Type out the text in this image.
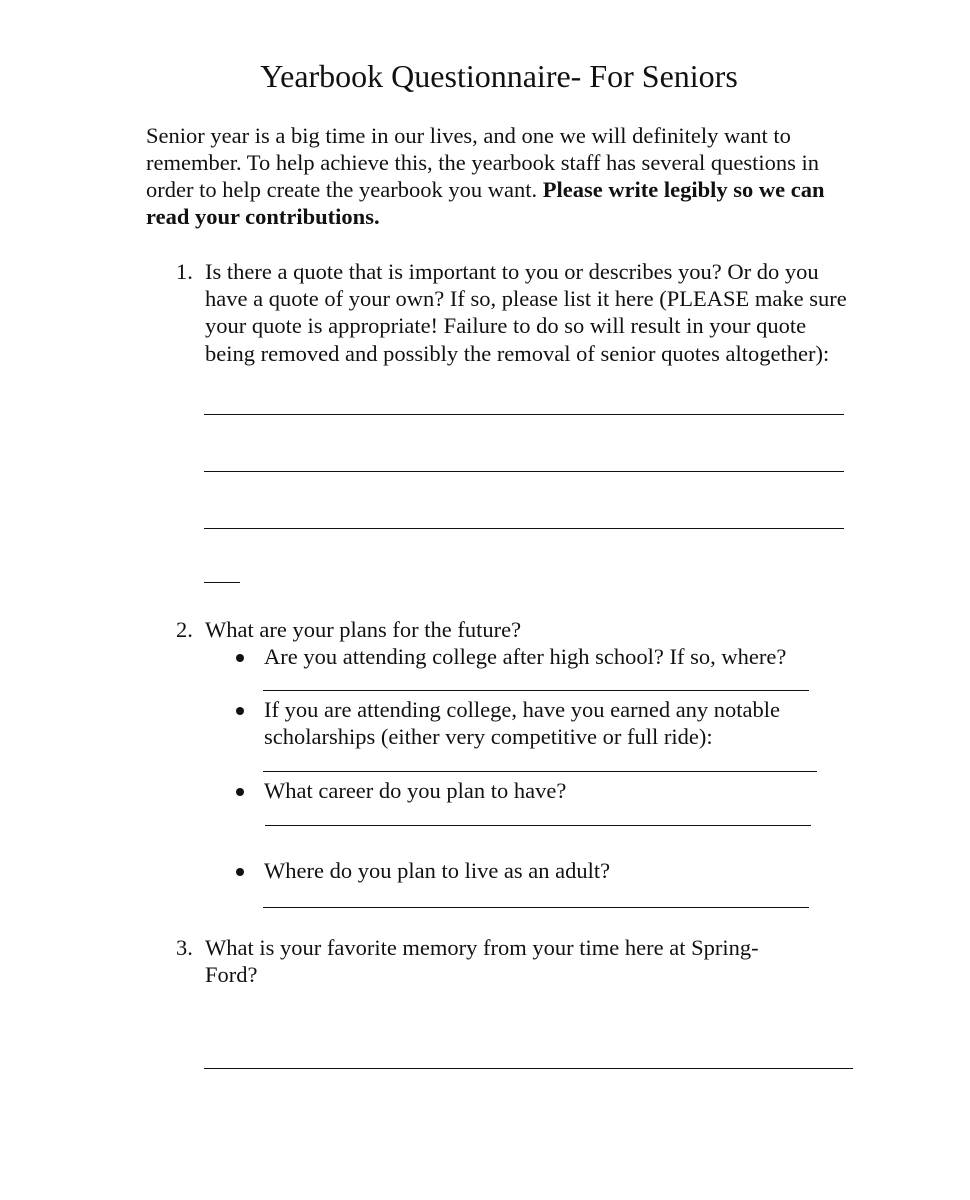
Yearbook Questionnaire- For Seniors
Senior year is a big time in our lives, and one we will definitely want to remember. To help achieve this, the yearbook staff has several questions in order to help create the yearbook you want. Please write legibly so we can read your contributions.
1. Is there a quote that is important to you or describes you? Or do you have a quote of your own? If so, please list it here (PLEASE make sure your quote is appropriate! Failure to do so will result in your quote being removed and possibly the removal of senior quotes altogether):
2. What are your plans for the future?
Are you attending college after high school? If so, where?
If you are attending college, have you earned any notable scholarships (either very competitive or full ride):
What career do you plan to have?
Where do you plan to live as an adult?
3. What is your favorite memory from your time here at Spring-Ford?
